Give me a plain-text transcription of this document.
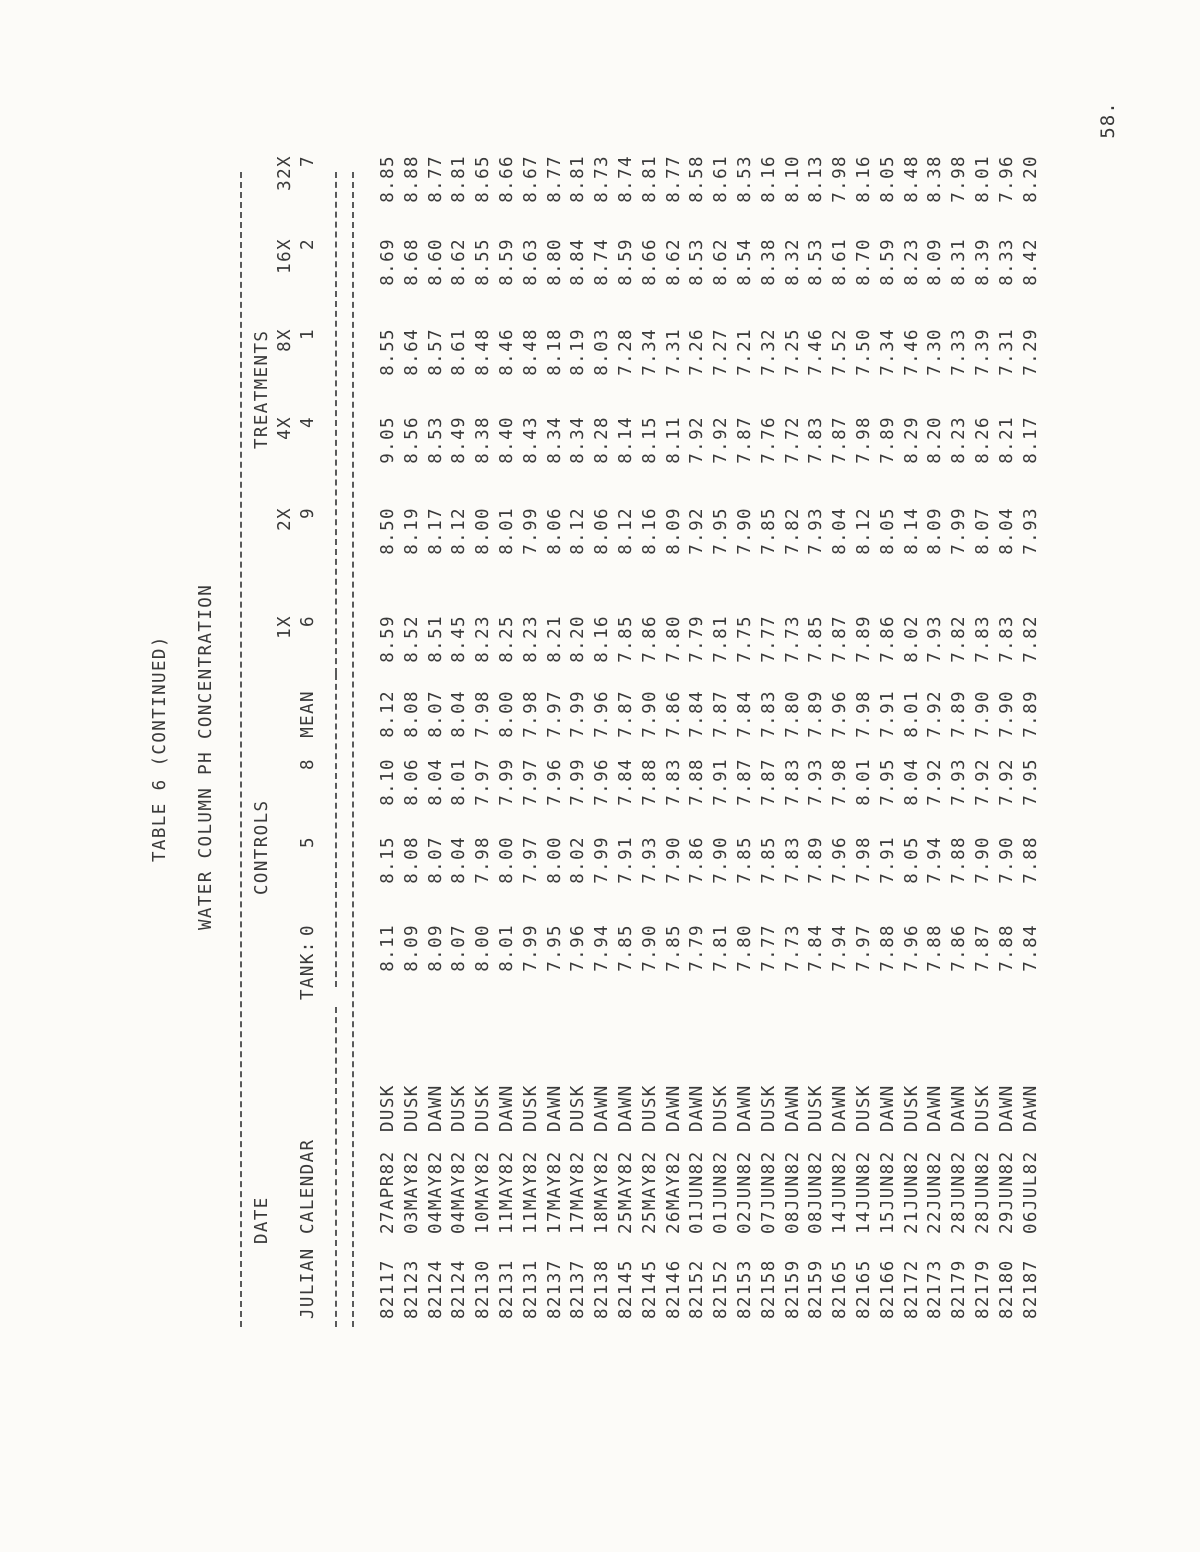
58.
TABLE 6 (CONTINUED) WATER COLUMN PH CONCENTRATION
DATE
CONTROLS
TREATMENTS
1X
2X
4X
8X
16X
32X
JULIAN
CALENDAR
TANK:
0
5
8
MEAN
6
9
4
1
2
7
82117
27APR82
DUSK
8.11
8.15
8.10
8.12
8.59
8.50
9.05
8.55
8.69
8.85
82123
03MAY82
DUSK
8.09
8.08
8.06
8.08
8.52
8.19
8.56
8.64
8.68
8.88
82124
04MAY82
DAWN
8.09
8.07
8.04
8.07
8.51
8.17
8.53
8.57
8.60
8.77
82124
04MAY82
DUSK
8.07
8.04
8.01
8.04
8.45
8.12
8.49
8.61
8.62
8.81
82130
10MAY82
DUSK
8.00
7.98
7.97
7.98
8.23
8.00
8.38
8.48
8.55
8.65
82131
11MAY82
DAWN
8.01
8.00
7.99
8.00
8.25
8.01
8.40
8.46
8.59
8.66
82131
11MAY82
DUSK
7.99
7.97
7.97
7.98
8.23
7.99
8.43
8.48
8.63
8.67
82137
17MAY82
DAWN
7.95
8.00
7.96
7.97
8.21
8.06
8.34
8.18
8.80
8.77
82137
17MAY82
DUSK
7.96
8.02
7.99
7.99
8.20
8.12
8.34
8.19
8.84
8.81
82138
18MAY82
DAWN
7.94
7.99
7.96
7.96
8.16
8.06
8.28
8.03
8.74
8.73
82145
25MAY82
DAWN
7.85
7.91
7.84
7.87
7.85
8.12
8.14
7.28
8.59
8.74
82145
25MAY82
DUSK
7.90
7.93
7.88
7.90
7.86
8.16
8.15
7.34
8.66
8.81
82146
26MAY82
DAWN
7.85
7.90
7.83
7.86
7.80
8.09
8.11
7.31
8.62
8.77
82152
01JUN82
DAWN
7.79
7.86
7.88
7.84
7.79
7.92
7.92
7.26
8.53
8.58
82152
01JUN82
DUSK
7.81
7.90
7.91
7.87
7.81
7.95
7.92
7.27
8.62
8.61
82153
02JUN82
DAWN
7.80
7.85
7.87
7.84
7.75
7.90
7.87
7.21
8.54
8.53
82158
07JUN82
DUSK
7.77
7.85
7.87
7.83
7.77
7.85
7.76
7.32
8.38
8.16
82159
08JUN82
DAWN
7.73
7.83
7.83
7.80
7.73
7.82
7.72
7.25
8.32
8.10
82159
08JUN82
DUSK
7.84
7.89
7.93
7.89
7.85
7.93
7.83
7.46
8.53
8.13
82165
14JUN82
DAWN
7.94
7.96
7.98
7.96
7.87
8.04
7.87
7.52
8.61
7.98
82165
14JUN82
DUSK
7.97
7.98
8.01
7.98
7.89
8.12
7.98
7.50
8.70
8.16
82166
15JUN82
DAWN
7.88
7.91
7.95
7.91
7.86
8.05
7.89
7.34
8.59
8.05
82172
21JUN82
DUSK
7.96
8.05
8.04
8.01
8.02
8.14
8.29
7.46
8.23
8.48
82173
22JUN82
DAWN
7.88
7.94
7.92
7.92
7.93
8.09
8.20
7.30
8.09
8.38
82179
28JUN82
DAWN
7.86
7.88
7.93
7.89
7.82
7.99
8.23
7.33
8.31
7.98
82179
28JUN82
DUSK
7.87
7.90
7.92
7.90
7.83
8.07
8.26
7.39
8.39
8.01
82180
29JUN82
DAWN
7.88
7.90
7.92
7.90
7.83
8.04
8.21
7.31
8.33
7.96
82187
06JUL82
DAWN
7.84
7.88
7.95
7.89
7.82
7.93
8.17
7.29
8.42
8.20
